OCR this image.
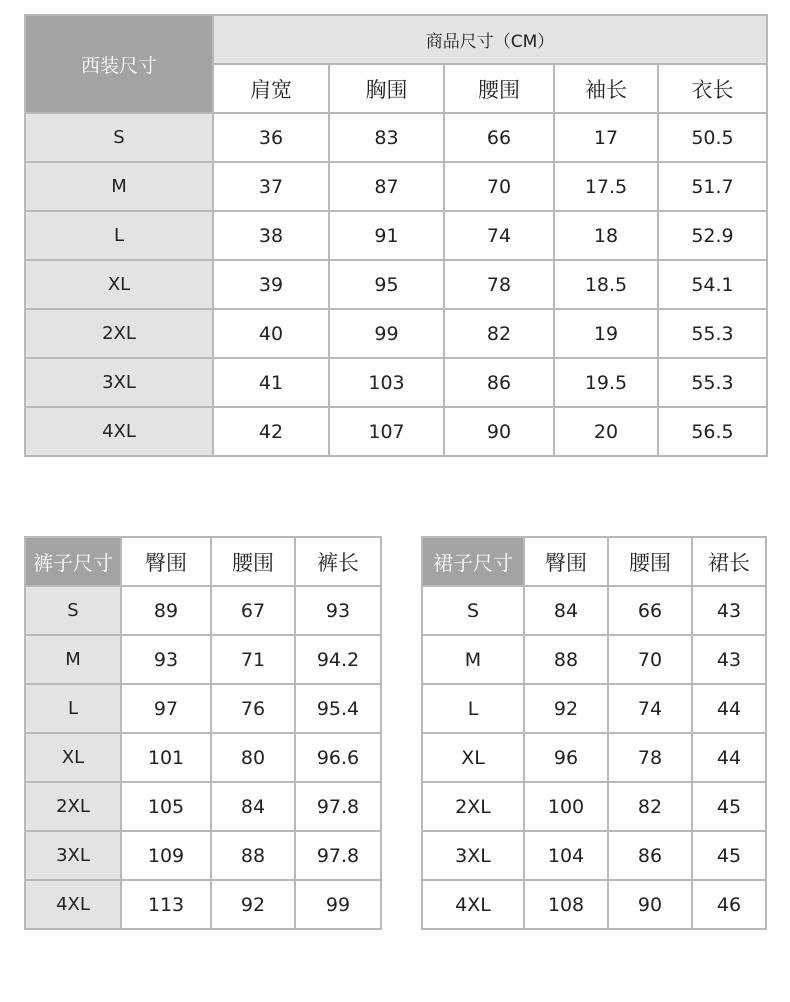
西装尺寸	商品尺寸（CM）				
	肩宽	胸围	腰围	袖长	衣长
S	36	83	66	17	50.5
M	37	87	70	17.5	51.7
L	38	91	74	18	52.9
XL	39	95	78	18.5	54.1
2XL	40	99	82	19	55.3
3XL	41	103	86	19.5	55.3
4XL	42	107	90	20	56.5
裤子尺寸	臀围	腰围	裤长
S	89	67	93
M	93	71	94.2
L	97	76	95.4
XL	101	80	96.6
2XL	105	84	97.8
3XL	109	88	97.8
4XL	113	92	99
裙子尺寸	臀围	腰围	裙长
S	84	66	43
M	88	70	43
L	92	74	44
XL	96	78	44
2XL	100	82	45
3XL	104	86	45
4XL	108	90	46
